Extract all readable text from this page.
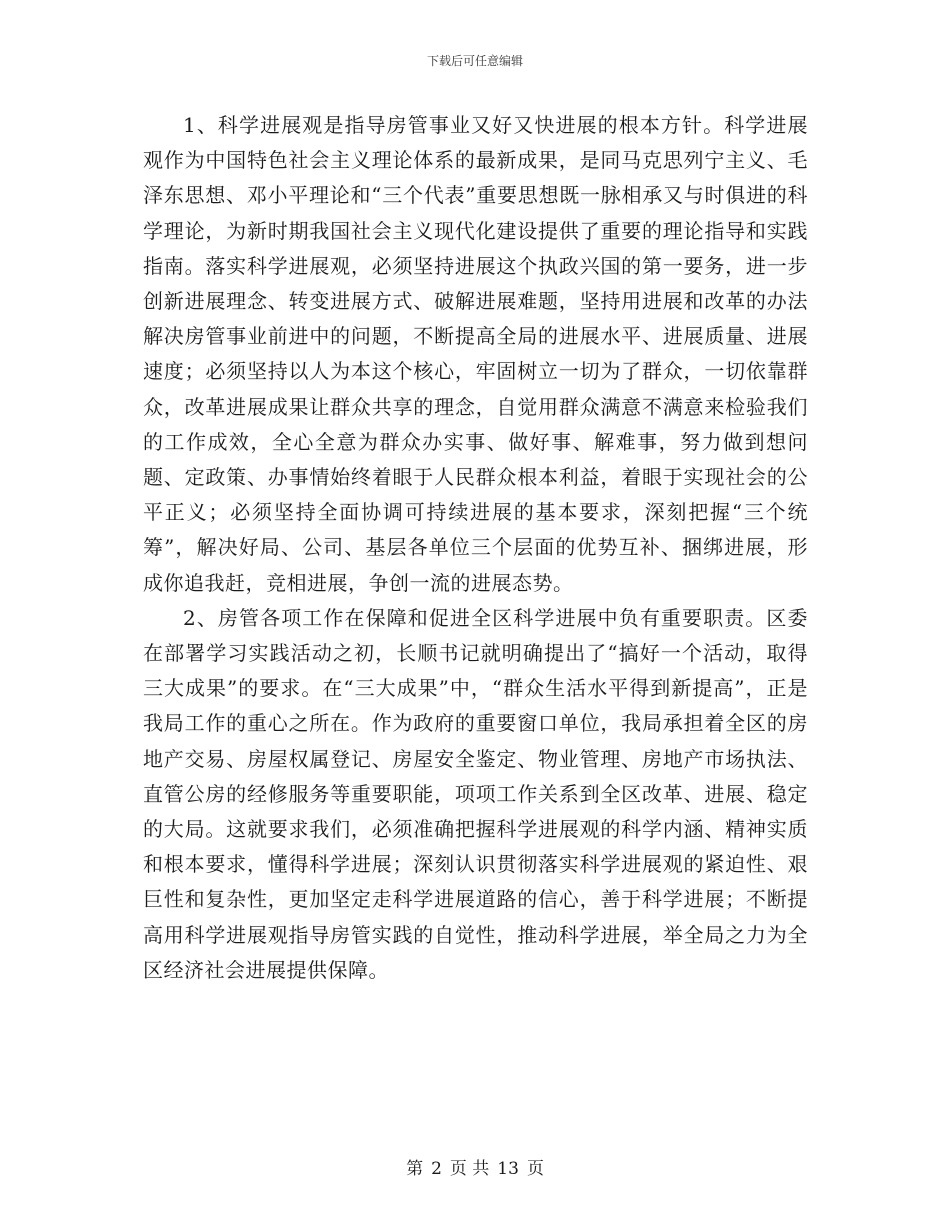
下载后可任意编辑

1、科学进展观是指导房管事业又好又快进展的根本方针。科学进展观作为中国特色社会主义理论体系的最新成果，是同马克思列宁主义、毛泽东思想、邓小平理论和“三个代表”重要思想既一脉相承又与时俱进的科学理论，为新时期我国社会主义现代化建设提供了重要的理论指导和实践指南。落实科学进展观，必须坚持进展这个执政兴国的第一要务，进一步创新进展理念、转变进展方式、破解进展难题，坚持用进展和改革的办法解决房管事业前进中的问题，不断提高全局的进展水平、进展质量、进展速度；必须坚持以人为本这个核心，牢固树立一切为了群众，一切依靠群众，改革进展成果让群众共享的理念，自觉用群众满意不满意来检验我们的工作成效，全心全意为群众办实事、做好事、解难事，努力做到想问题、定政策、办事情始终着眼于人民群众根本利益，着眼于实现社会的公平正义；必须坚持全面协调可持续进展的基本要求，深刻把握“三个统筹”，解决好局、公司、基层各单位三个层面的优势互补、捆绑进展，形成你追我赶，竞相进展，争创一流的进展态势。

2、房管各项工作在保障和促进全区科学进展中负有重要职责。区委在部署学习实践活动之初，长顺书记就明确提出了“搞好一个活动，取得三大成果”的要求。在“三大成果”中，“群众生活水平得到新提高”，正是我局工作的重心之所在。作为政府的重要窗口单位，我局承担着全区的房地产交易、房屋权属登记、房屋安全鉴定、物业管理、房地产市场执法、直管公房的经修服务等重要职能，项项工作关系到全区改革、进展、稳定的大局。这就要求我们，必须准确把握科学进展观的科学内涵、精神实质和根本要求，懂得科学进展；深刻认识贯彻落实科学进展观的紧迫性、艰巨性和复杂性，更加坚定走科学进展道路的信心，善于科学进展；不断提高用科学进展观指导房管实践的自觉性，推动科学进展，举全局之力为全区经济社会进展提供保障。

第 2 页 共 13 页
